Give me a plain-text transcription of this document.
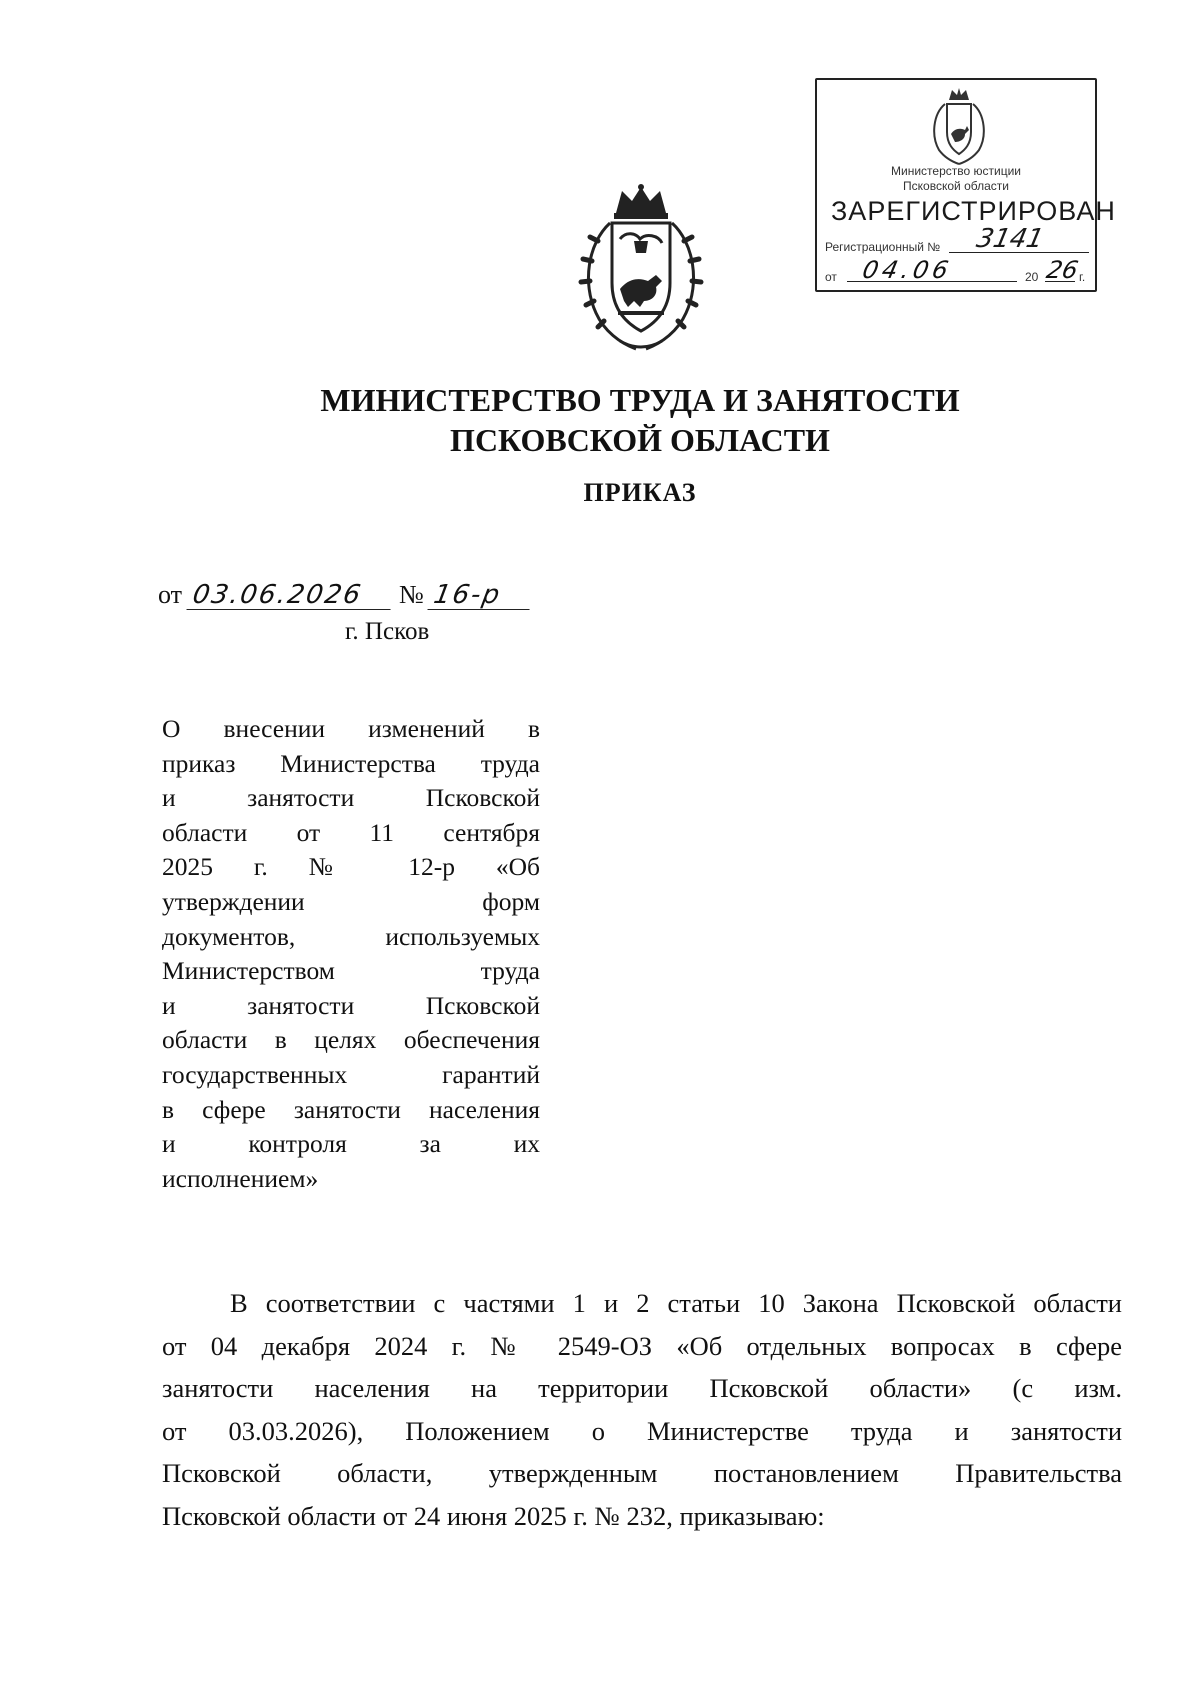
Министерство юстиции
Псковской области
ЗАРЕГИСТРИРОВАН
Регистрационный № 3141
от 04.06	20 26
г.
МИНИСТЕРСТВО ТРУДА И ЗАНЯТОСТИ
ПСКОВСКОЙ ОБЛАСТИ
ПРИКАЗ
от 03.06.2026 № 16-р
г. Псков
О внесении изменений в
приказ Министерства труда
и занятости Псковской
области от 11 сентября
2025 г. № 12-р «Об
утверждении форм
документов, используемых
Министерством труда
и занятости Псковской
области в целях обеспечения
государственных гарантий
в сфере занятости населения
и контроля за их
исполнением»
В соответствии с частями 1 и 2 статьи 10 Закона Псковской области
от 04 декабря 2024 г. № 2549-ОЗ «Об отдельных вопросах в сфере
занятости населения на территории Псковской области» (с изм.
от 03.03.2026), Положением о Министерстве труда и занятости
Псковской области, утвержденным постановлением Правительства
Псковской области от 24 июня 2025 г. № 232, приказываю:
